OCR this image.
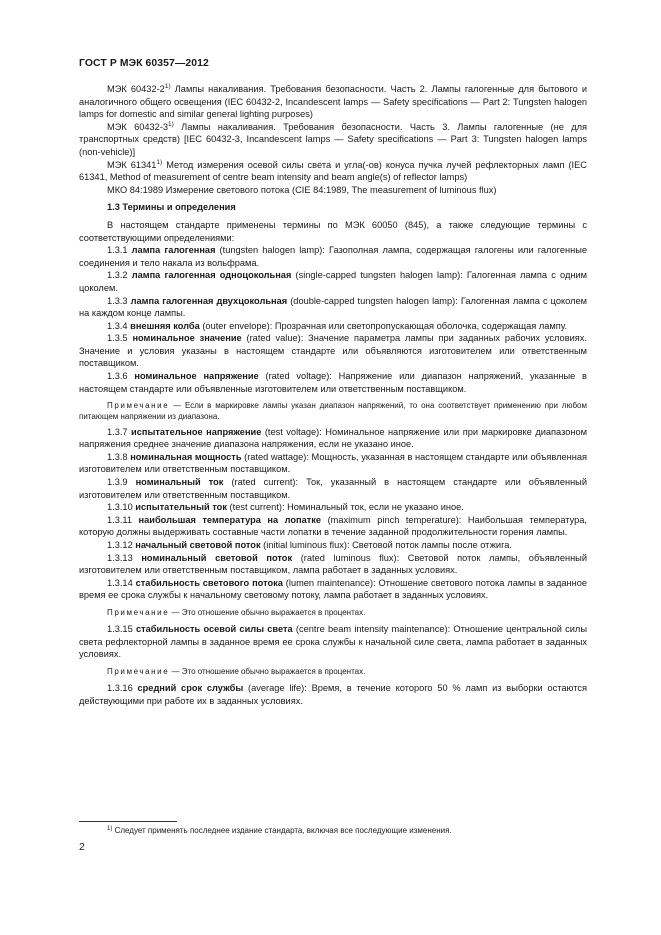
ГОСТ Р МЭК 60357—2012

МЭК 60432-2$^{1)}$ Лампы накаливания. Требования безопасности. Часть 2. Лампы галогенные для бытового и аналогичного общего освещения (IEC 60432-2, Incandescent lamps — Safety specifications — Part 2: Tungsten halogen lamps for domestic and similar general lighting purposes)

МЭК 60432-3$^{1)}$ Лампы накаливания. Требования безопасности. Часть 3. Лампы галогенные (не для транспортных средств) [IEC 60432-3, Incandescent lamps — Safety specifications — Part 3: Tungsten halogen lamps (non-vehicle)]

МЭК 61341$^{1)}$ Метод измерения осевой силы света и угла(-ов) конуса пучка лучей рефлекторных ламп (IEC 61341, Method of measurement of centre beam intensity and beam angle(s) of reflector lamps)

МКО 84:1989 Измерение светового потока (CIE 84:1989, The measurement of luminous flux)

1.3 Термины и определения

В настоящем стандарте применены термины по МЭК 60050 (845), а также следующие термины с соответствующими определениями:

1.3.1 лампа галогенная (tungsten halogen lamp): Газополная лампа, содержащая галогены или галогенные соединения и тело накала из вольфрама.

1.3.2 лампа галогенная одноцокольная (single-capped tungsten halogen lamp): Галогенная лампа с одним цоколем.

1.3.3 лампа галогенная двухцокольная (double-capped tungsten halogen lamp): Галогенная лампа с цоколем на каждом конце лампы.

1.3.4 внешняя колба (outer envelope): Прозрачная или светопропускающая оболочка, содержащая лампу.

1.3.5 номинальное значение (rated value): Значение параметра лампы при заданных рабочих условиях. Значение и условия указаны в настоящем стандарте или объявляются изготовителем или ответственным поставщиком.

1.3.6 номинальное напряжение (rated voltage): Напряжение или диапазон напряжений, указанные в настоящем стандарте или объявленные изготовителем или ответственным поставщиком.

Примечание — Если в маркировке лампы указан диапазон напряжений, то она соответствует применению при любом питающем напряжении из диапазона.

1.3.7 испытательное напряжение (test voltage): Номинальное напряжение или при маркировке диапазоном напряжения среднее значение диапазона напряжения, если не указано иное.

1.3.8 номинальная мощность (rated wattage): Мощность, указанная в настоящем стандарте или объявленная изготовителем или ответственным поставщиком.

1.3.9 номинальный ток (rated current): Ток, указанный в настоящем стандарте или объявленный изготовителем или ответственным поставщиком.

1.3.10 испытательный ток (test current): Номинальный ток, если не указано иное.

1.3.11 наибольшая температура на лопатке (maximum pinch temperature): Наибольшая температура, которую должны выдерживать составные части лопатки в течение заданной продолжительности горения лампы.

1.3.12 начальный световой поток (initial luminous flux): Световой поток лампы после отжига.

1.3.13 номинальный световой поток (rated luminous flux): Световой поток лампы, объявленный изготовителем или ответственным поставщиком, лампа работает в заданных условиях.

1.3.14 стабильность светового потока (lumen maintenance): Отношение светового потока лампы в заданное время ее срока службы к начальному световому потоку, лампа работает в заданных условиях.

Примечание — Это отношение обычно выражается в процентах.

1.3.15 стабильность осевой силы света (centre beam intensity maintenance): Отношение центральной силы света рефлекторной лампы в заданное время ее срока службы к начальной силе света, лампа работает в заданных условиях.

Примечание — Это отношение обычно выражается в процентах.

1.3.16 средний срок службы (average life): Время, в течение которого 50 % ламп из выборки остаются действующими при работе их в заданных условиях.

$^{1)}$ Следует применять последнее издание стандарта, включая все последующие изменения.
2
